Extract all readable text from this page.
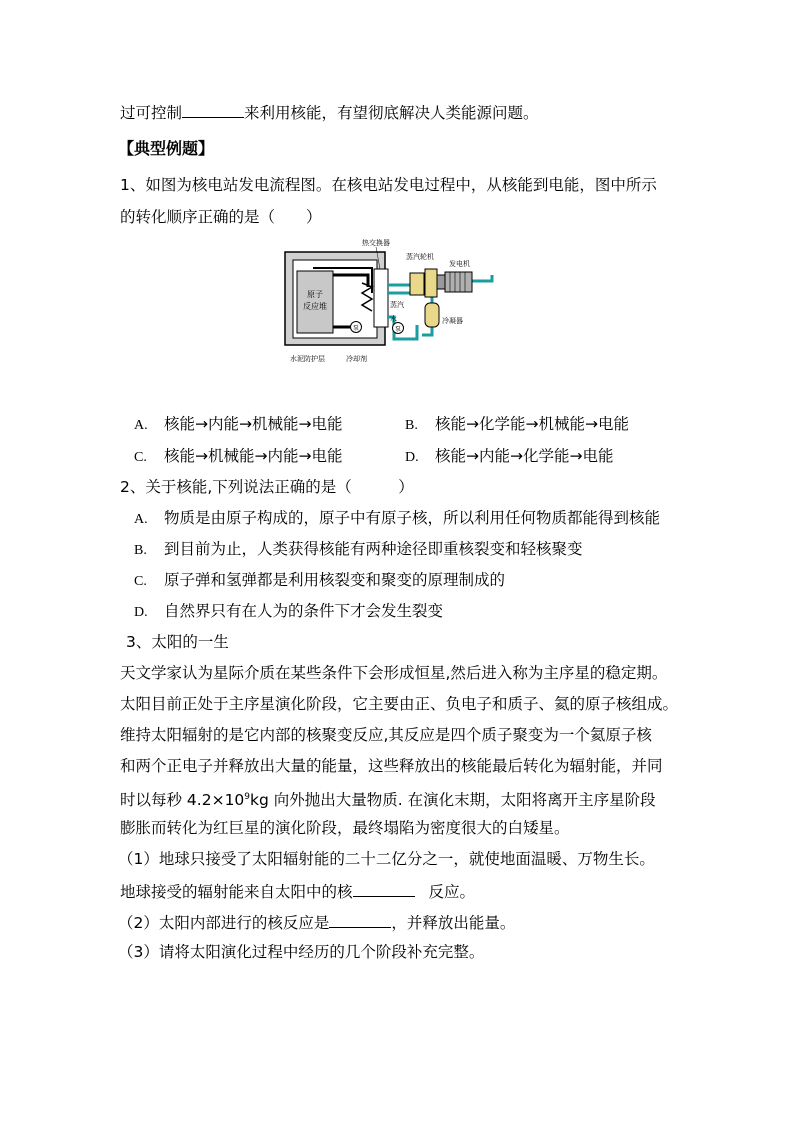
过可控制	来利用核能，有望彻底解决人类能源问题。
【典型例题】
1、如图为核电站发电流程图。在核电站发电过程中，从核能到电能，图中所示
的转化顺序正确的是（　　）
原子
反应堆
泵	泵
热交换器
蒸汽轮机
发电机
蒸汽
水	冷凝器
水泥防护层	冷却剂
A. 核能→内能→机械能→电能	B. 核能→化学能→机械能→电能
C. 核能→机械能→内能→电能	D. 核能→内能→化学能→电能
2、关于核能,下列说法正确的是（　　　）
A. 物质是由原子构成的，原子中有原子核，所以利用任何物质都能得到核能
B. 到目前为止，人类获得核能有两种途径即重核裂变和轻核聚变
C. 原子弹和氢弹都是利用核裂变和聚变的原理制成的
D. 自然界只有在人为的条件下才会发生裂变
3、太阳的一生
天文学家认为星际介质在某些条件下会形成恒星,然后进入称为主序星的稳定期。
太阳目前正处于主序星演化阶段，它主要由正、负电子和质子、氦的原子核组成。
维持太阳辐射的是它内部的核聚变反应,其反应是四个质子聚变为一个氦原子核
和两个正电子并释放出大量的能量，这些释放出的核能最后转化为辐射能，并同
时以每秒 $4.2\times 10^9kg$ 向外抛出大量物质. 在演化末期，太阳将离开主序星阶段
膨胀而转化为红巨星的演化阶段，最终塌陷为密度很大的白矮星。
（1）地球只接受了太阳辐射能的二十二亿分之一，就使地面温暖、万物生长。
地球接受的辐射能来自太阳中的核	反应。
（2）太阳内部进行的核反应是	，并释放出能量。
（3）请将太阳演化过程中经历的几个阶段补充完整。
